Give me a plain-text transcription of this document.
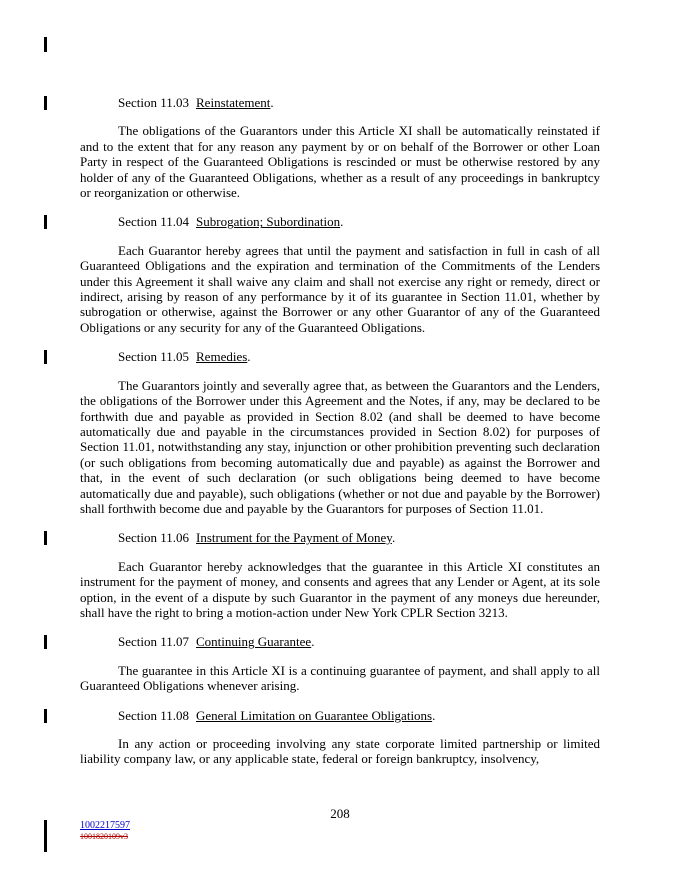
Section 11.03 Reinstatement.

The obligations of the Guarantors under this Article XI shall be automatically reinstated if and to the extent that for any reason any payment by or on behalf of the Borrower or other Loan Party in respect of the Guaranteed Obligations is rescinded or must be otherwise restored by any holder of any of the Guaranteed Obligations, whether as a result of any proceedings in bankruptcy or reorganization or otherwise.

Section 11.04 Subrogation; Subordination.

Each Guarantor hereby agrees that until the payment and satisfaction in full in cash of all Guaranteed Obligations and the expiration and termination of the Commitments of the Lenders under this Agreement it shall waive any claim and shall not exercise any right or remedy, direct or indirect, arising by reason of any performance by it of its guarantee in Section 11.01, whether by subrogation or otherwise, against the Borrower or any other Guarantor of any of the Guaranteed Obligations or any security for any of the Guaranteed Obligations.

Section 11.05 Remedies.

The Guarantors jointly and severally agree that, as between the Guarantors and the Lenders, the obligations of the Borrower under this Agreement and the Notes, if any, may be declared to be forthwith due and payable as provided in Section 8.02 (and shall be deemed to have become automatically due and payable in the circumstances provided in Section 8.02) for purposes of Section 11.01, notwithstanding any stay, injunction or other prohibition preventing such declaration (or such obligations from becoming automatically due and payable) as against the Borrower and that, in the event of such declaration (or such obligations being deemed to have become automatically due and payable), such obligations (whether or not due and payable by the Borrower) shall forthwith become due and payable by the Guarantors for purposes of Section 11.01.

Section 11.06 Instrument for the Payment of Money.

Each Guarantor hereby acknowledges that the guarantee in this Article XI constitutes an instrument for the payment of money, and consents and agrees that any Lender or Agent, at its sole option, in the event of a dispute by such Guarantor in the payment of any moneys due hereunder, shall have the right to bring a motion-action under New York CPLR Section 3213.

Section 11.07 Continuing Guarantee.

The guarantee in this Article XI is a continuing guarantee of payment, and shall apply to all Guaranteed Obligations whenever arising.

Section 11.08 General Limitation on Guarantee Obligations.

In any action or proceeding involving any state corporate limited partnership or limited liability company law, or any applicable state, federal or foreign bankruptcy, insolvency,

208
1002217597
1001820109v3
